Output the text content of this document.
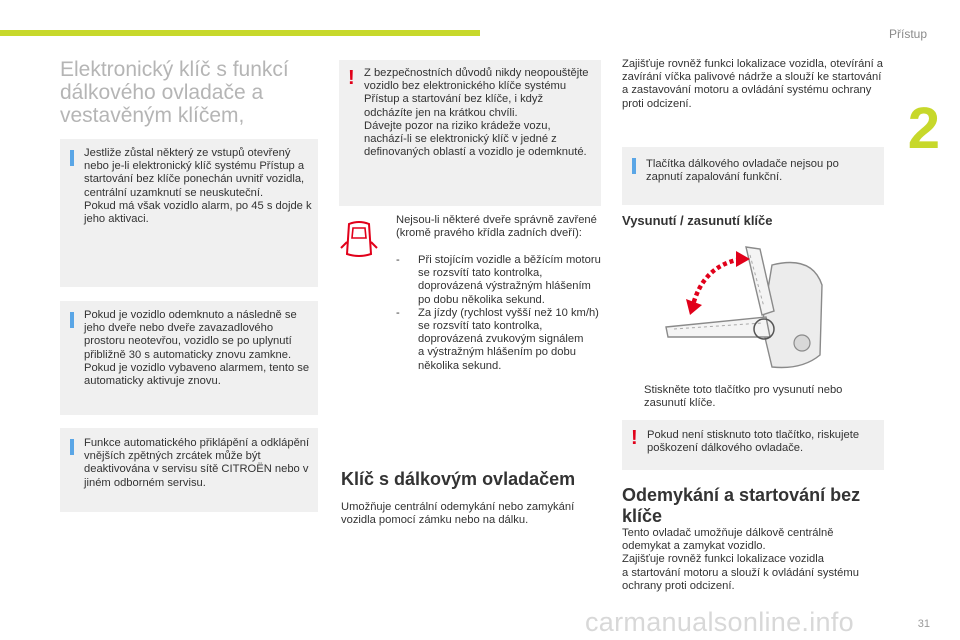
Přístup
2
Elektronický klíč s funkcí dálkového ovladače a vestavěným klíčem,

Jestliže zůstal některý ze vstupů otevřený nebo je-li elektronický klíč systému Přístup a startování bez klíče ponechán uvnitř vozidla, centrální uzamknutí se neuskuteční.
Pokud má však vozidlo alarm, po 45 s dojde k jeho aktivaci.

Pokud je vozidlo odemknuto a následně se jeho dveře nebo dveře zavazadlového prostoru neotevřou, vozidlo se po uplynutí přibližně 30 s automaticky znovu zamkne.
Pokud je vozidlo vybaveno alarmem, tento se automaticky aktivuje znovu.

Funkce automatického přiklápění a odklápění vnějších zpětných zrcátek může být deaktivována v servisu sítě CITROËN nebo v jiném odborném servisu.

! Z bezpečnostních důvodů nikdy neopouštějte vozidlo bez elektronického klíče systému Přístup a startování bez klíče, i když odcházíte jen na krátkou chvíli.
Dávejte pozor na riziko krádeže vozu, nachází-li se elektronický klíč v jedné z definovaných oblastí a vozidlo je odemknuté.

Nejsou-li některé dveře správně zavřené (kromě pravého křídla zadních dveří):

-	Při stojícím vozidle a běžícím motoru se rozsvítí tato kontrolka, doprovázená výstražným hlášením po dobu několika sekund.
-	Za jízdy (rychlost vyšší než 10 km/h) se rozsvítí tato kontrolka, doprovázená zvukovým signálem
a výstražným hlášením po dobu několika sekund.
Klíč s dálkovým ovladačem

Umožňuje centrální odemykání nebo zamykání vozidla pomocí zámku nebo na dálku.

Zajišťuje rovněž funkci lokalizace vozidla, otevírání a zavírání víčka palivové nádrže a slouží ke startování a zastavování motoru a ovládání systému ochrany proti odcizení.

Tlačítka dálkového ovladače nejsou po zapnutí zapalování funkční.

Vysunutí / zasunutí klíče
Stiskněte toto tlačítko pro vysunutí nebo zasunutí klíče.
! Pokud není stisknuto toto tlačítko, riskujete poškození dálkového ovladače.

Odemykání a startování bez klíče

Tento ovladač umožňuje dálkově centrálně odemykat a zamykat vozidlo.
Zajišťuje rovněž funkci lokalizace vozidla
a startování motoru a slouží k ovládání systému ochrany proti odcizení.

carmanualsonline.info	31
